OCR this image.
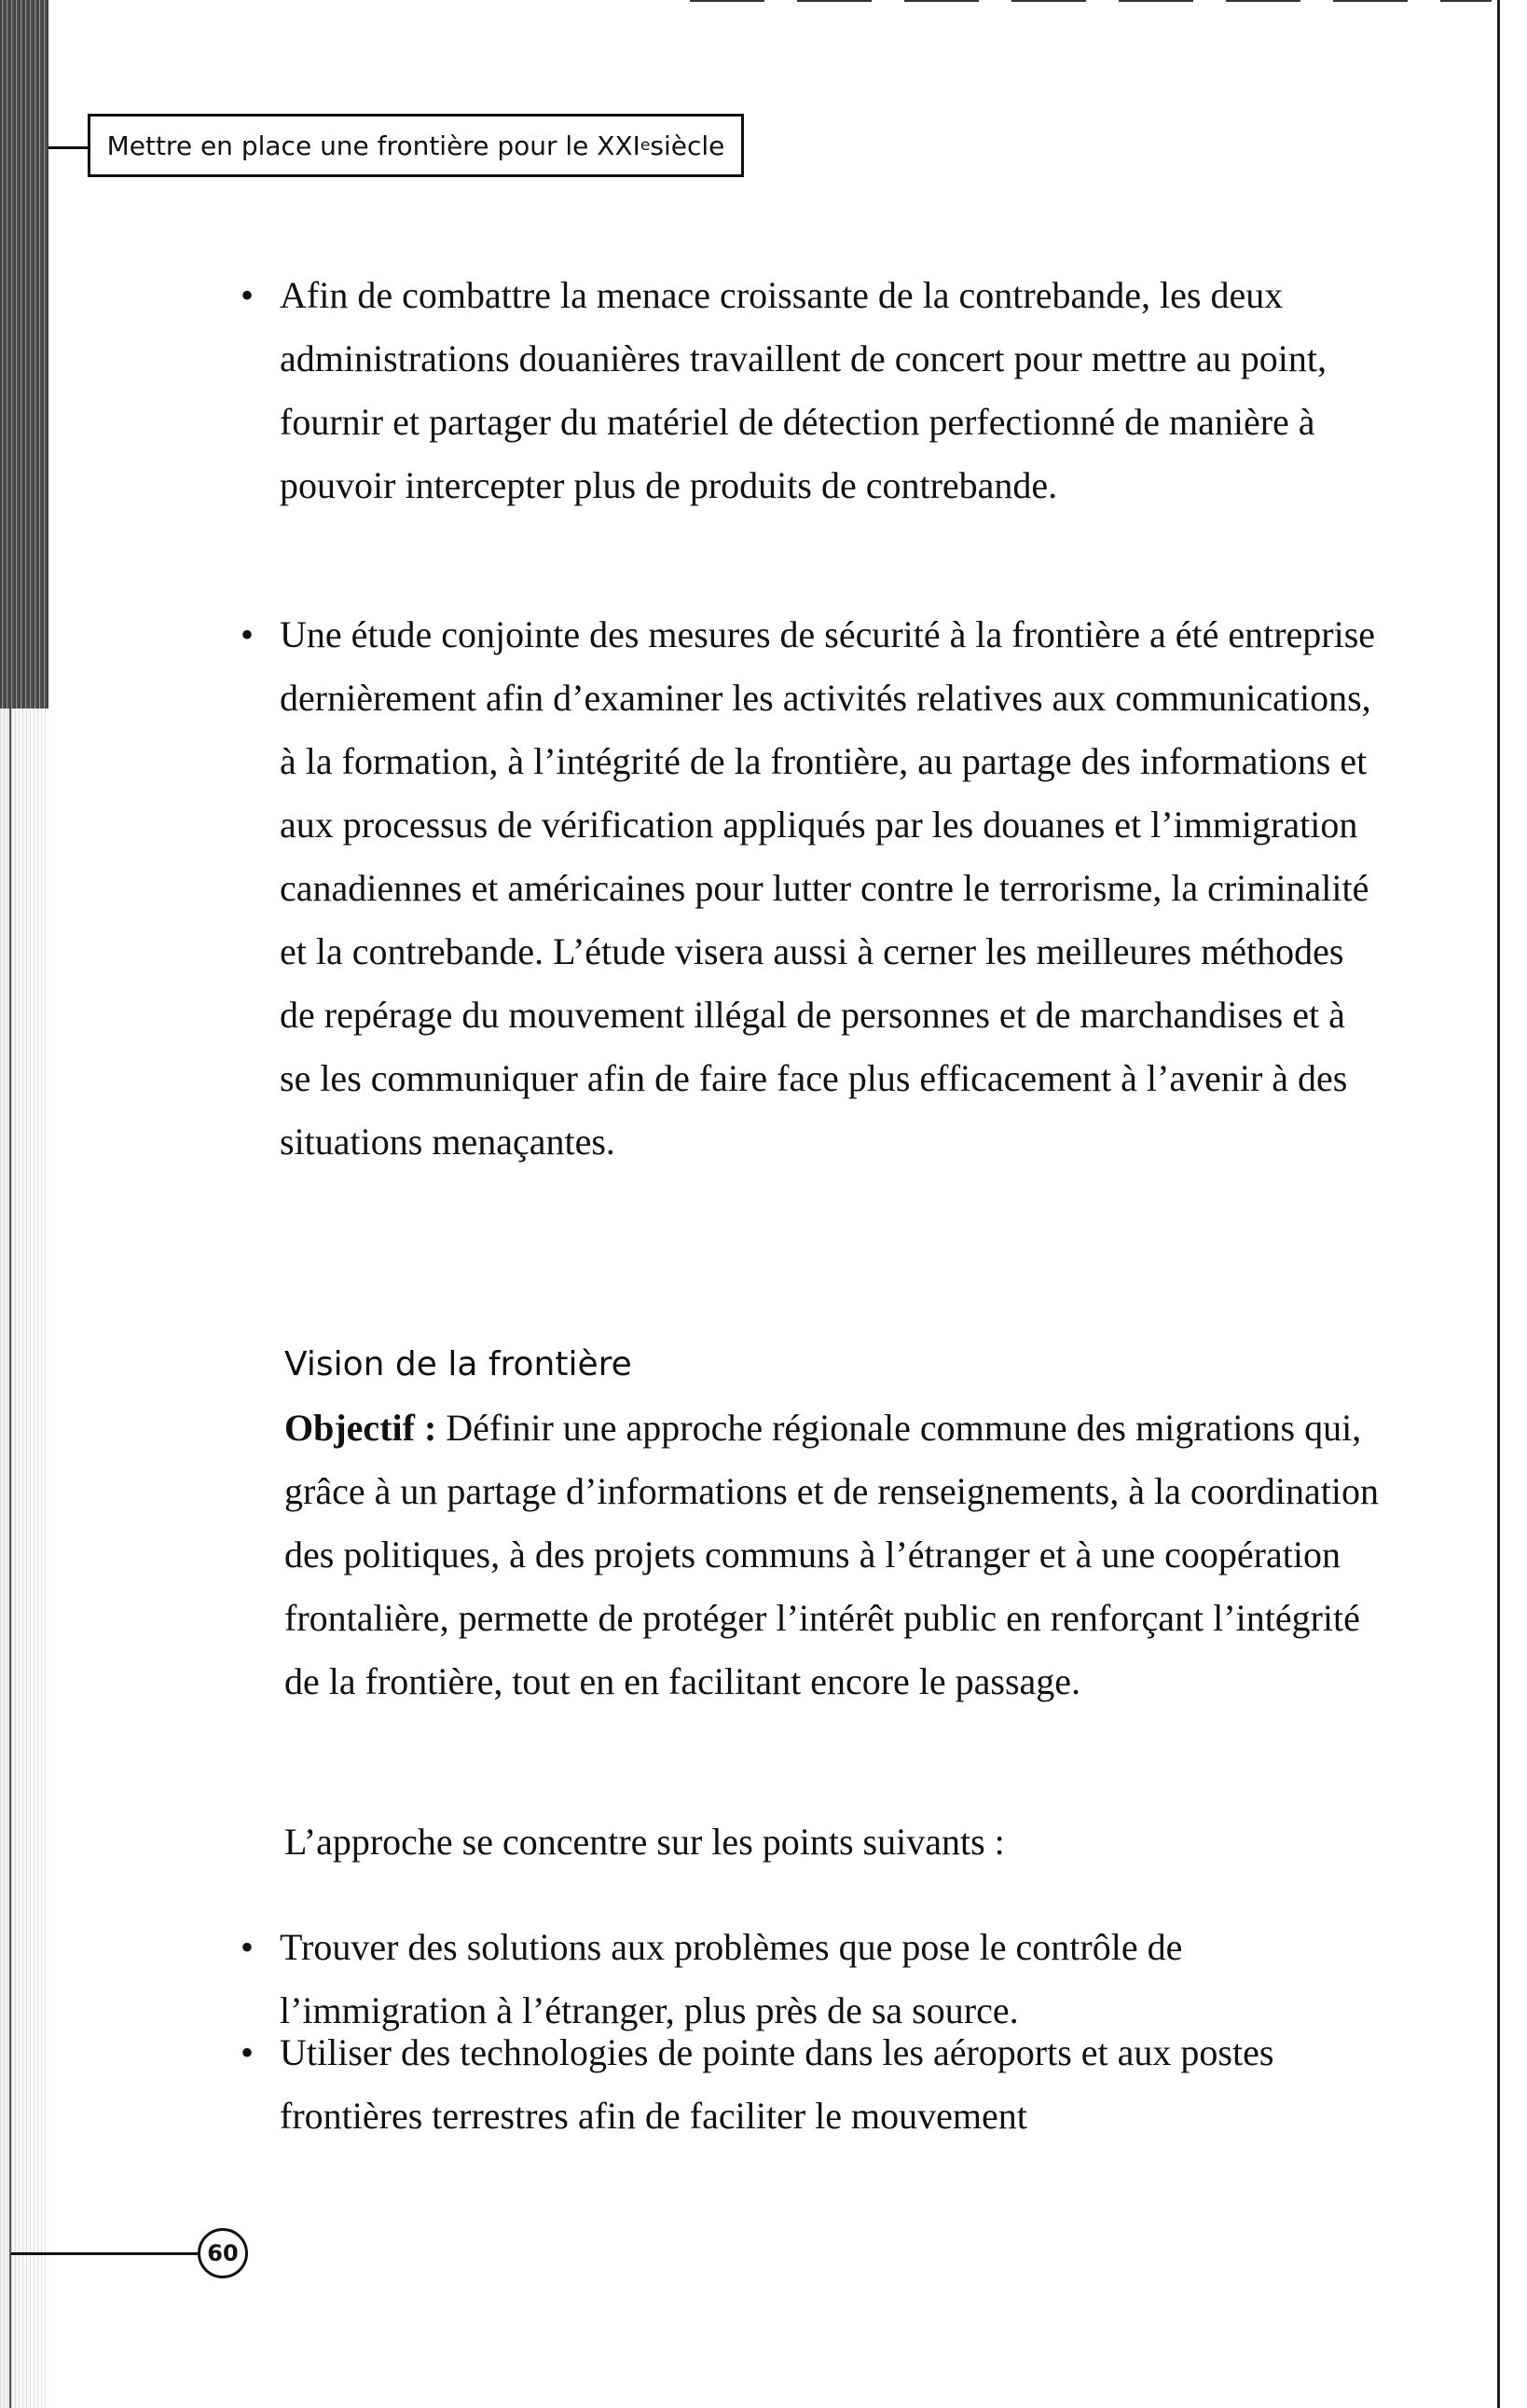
Mettre en place une frontière pour le XXI e siècle
• Afin de combattre la menace croissante de la contrebande, les deux administrations douanières travaillent de concert pour mettre au point, fournir et partager du matériel de détection perfectionné de manière à pouvoir intercepter plus de produits de contrebande.
• Une étude conjointe des mesures de sécurité à la frontière a été entreprise dernièrement afin d’examiner les activités relatives aux communications, à la formation, à l’intégrité de la frontière, au partage des informations et aux processus de vérification appliqués par les douanes et l’immigration canadiennes et américaines pour lutter contre le terrorisme, la criminalité et la contrebande. L’étude visera aussi à cerner les meilleures méthodes de repérage du mouvement illégal de personnes et de marchandises et à se les communiquer afin de faire face plus efficacement à l’avenir à des situations menaçantes.
Vision de la frontière
Objectif : Définir une approche régionale commune des migrations qui, grâce à un partage d’informations et de renseignements, à la coordination des politiques, à des projets communs à l’étranger et à une coopération frontalière, permette de protéger l’intérêt public en renforçant l’intégrité de la frontière, tout en en facilitant encore le passage.
L’approche se concentre sur les points suivants :
• Trouver des solutions aux problèmes que pose le contrôle de l’immigration à l’étranger, plus près de sa source.
• Utiliser des technologies de pointe dans les aéroports et aux postes frontières terrestres afin de faciliter le mouvement
60
